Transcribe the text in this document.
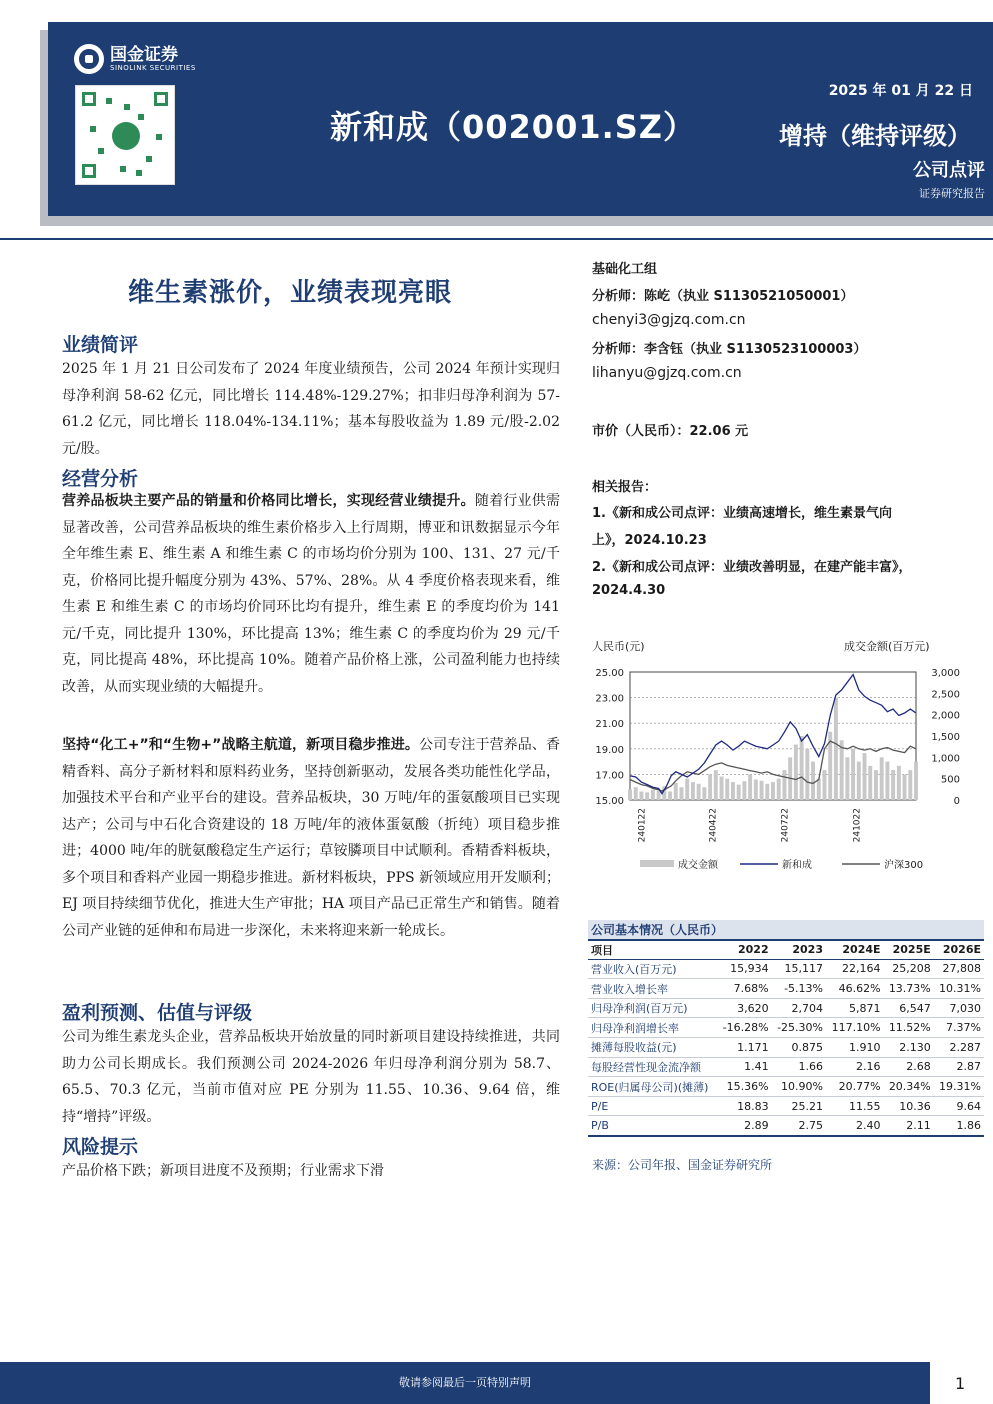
国金证券
SINOLINK SECURITIES
2025 年 01 月 22 日
新和成（002001.SZ）	增持（维持评级）
公司点评
证券研究报告
维生素涨价，业绩表现亮眼
业绩简评
2025 年 1 月 21 日公司发布了 2024 年度业绩预告，公司 2024 年预计实现归母净利润 58-62 亿元，同比增长 114.48%-129.27%；扣非归母净利润为 57-61.2 亿元，同比增长 118.04%-134.11%；基本每股收益为 1.89 元/股-2.02 元/股。
经营分析
营养品板块主要产品的销量和价格同比增长，实现经营业绩提升。随着行业供需显著改善，公司营养品板块的维生素价格步入上行周期，博亚和讯数据显示今年全年维生素 E、维生素 A 和维生素 C 的市场均价分别为 100、131、27 元/千克，价格同比提升幅度分别为 43%、57%、28%。从 4 季度价格表现来看，维生素 E 和维生素 C 的市场均价同环比均有提升，维生素 E 的季度均价为 141 元/千克，同比提升 130%，环比提高 13%；维生素 C 的季度均价为 29 元/千克，同比提高 48%，环比提高 10%。随着产品价格上涨，公司盈利能力也持续改善，从而实现业绩的大幅提升。
坚持“化工+”和“生物+”战略主航道，新项目稳步推进。公司专注于营养品、香精香料、高分子新材料和原料药业务，坚持创新驱动，发展各类功能性化学品，加强技术平台和产业平台的建设。营养品板块，30 万吨/年的蛋氨酸项目已实现达产；公司与中石化合资建设的 18 万吨/年的液体蛋氨酸（折纯）项目稳步推进；4000 吨/年的胱氨酸稳定生产运行；草铵膦项目中试顺利。香精香料板块，多个项目和香料产业园一期稳步推进。新材料板块，PPS 新领域应用开发顺利；EJ 项目持续细节优化，推进大生产审批；HA 项目产品已正常生产和销售。随着公司产业链的延伸和布局进一步深化，未来将迎来新一轮成长。
盈利预测、估值与评级
公司为维生素龙头企业，营养品板块开始放量的同时新项目建设持续推进，共同助力公司长期成长。我们预测公司 2024-2026 年归母净利润分别为 58.7、65.5、70.3 亿元，当前市值对应 PE 分别为 11.55、10.36、9.64 倍，维持“增持”评级。
风险提示
产品价格下跌；新项目进度不及预期；行业需求下滑
基础化工组
分析师：陈屹（执业 S1130521050001）
chenyi3@gjzq.com.cn
分析师：李含钰（执业 S1130523100003）
lihanyu@gjzq.com.cn
市价（人民币）：22.06 元
相关报告：
1.《新和成公司点评：业绩高速增长，维生素景气向
上》，2024.10.23
2.《新和成公司点评：业绩改善明显，在建产能丰富》，
2024.4.30
人民币(元)	成交金额(百万元)
25.00
23.00
21.00
19.00
17.00
15.00
3,000
2,500
2,000
1,500
1,000
500
0
240122	240422	240722	241022
成交金额	新和成	沪深300
公司基本情况（人民币）					
项目	2022	2023	2024E	2025E	2026E
营业收入(百万元)	15,934	15,117	22,164	25,208	27,808
营业收入增长率	7.68%	-5.13%	46.62%	13.73%	10.31%
归母净利润(百万元)	3,620	2,704	5,871	6,547	7,030
归母净利润增长率	-16.28%	-25.30%	117.10%	11.52%	7.37%
摊薄每股收益(元)	1.171	0.875	1.910	2.130	2.287
每股经营性现金流净额	1.41	1.66	2.16	2.68	2.87
ROE(归属母公司)(摊薄)	15.36%	10.90%	20.77%	20.34%	19.31%
P/E	18.83	25.21	11.55	10.36	9.64
P/B	2.89	2.75	2.40	2.11	1.86
来源：公司年报、国金证券研究所
敬请参阅最后一页特别声明	1
